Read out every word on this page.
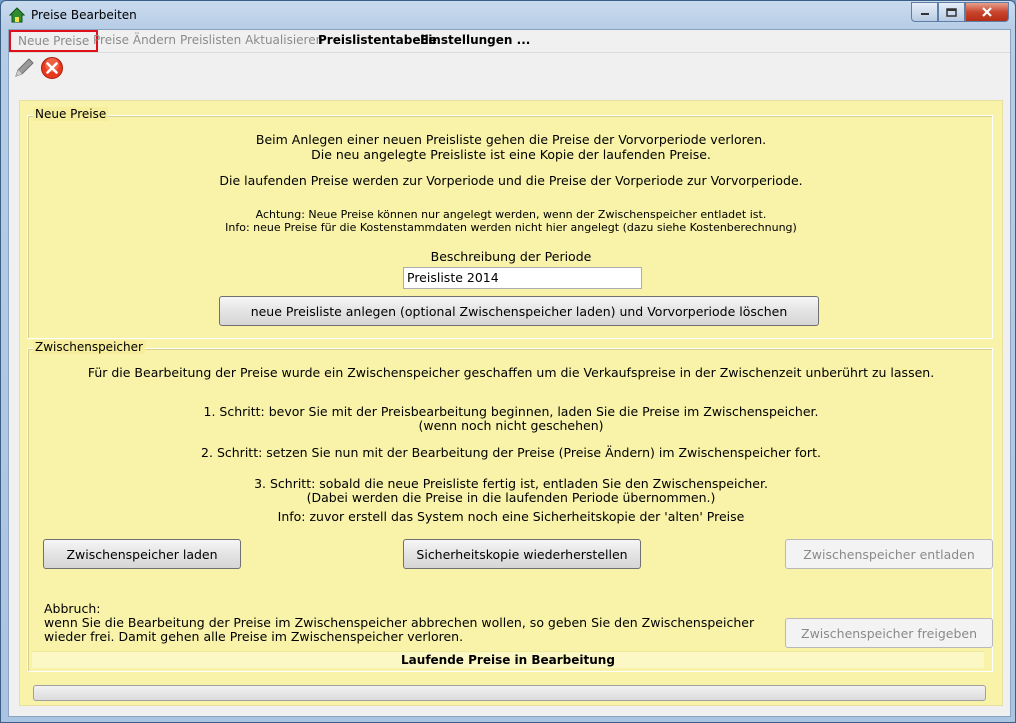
Preise Bearbeiten
Neue Preise Preise Ändern Preislisten Aktualisieren
Preislistentabelle
Einstellungen ...
Neue Preise
Beim Anlegen einer neuen Preisliste gehen die Preise der Vorvorperiode verloren.
Die neu angelegte Preisliste ist eine Kopie der laufenden Preise.
Die laufenden Preise werden zur Vorperiode und die Preise der Vorperiode zur Vorvorperiode.
Achtung: Neue Preise können nur angelegt werden, wenn der Zwischenspeicher entladet ist.
Info: neue Preise für die Kostenstammdaten werden nicht hier angelegt (dazu siehe Kostenberechnung)
Beschreibung der Periode
Preisliste 2014
neue Preisliste anlegen (optional Zwischenspeicher laden) und Vorvorperiode löschen
Zwischenspeicher
Für die Bearbeitung der Preise wurde ein Zwischenspeicher geschaffen um die Verkaufspreise in der Zwischenzeit unberührt zu lassen.
1. Schritt: bevor Sie mit der Preisbearbeitung beginnen, laden Sie die Preise im Zwischenspeicher.
(wenn noch nicht geschehen)
2. Schritt: setzen Sie nun mit der Bearbeitung der Preise (Preise Ändern) im Zwischenspeicher fort.
3. Schritt: sobald die neue Preisliste fertig ist, entladen Sie den Zwischenspeicher.
(Dabei werden die Preise in die laufenden Periode übernommen.)
Info: zuvor erstell das System noch eine Sicherheitskopie der 'alten' Preise
Zwischenspeicher laden	Sicherheitskopie wiederherstellen	Zwischenspeicher entladen
Abbruch:
wenn Sie die Bearbeitung der Preise im Zwischenspeicher abbrechen wollen, so geben Sie den Zwischenspeicher
wieder frei. Damit gehen alle Preise im Zwischenspeicher verloren.	Zwischenspeicher freigeben
Laufende Preise in Bearbeitung
